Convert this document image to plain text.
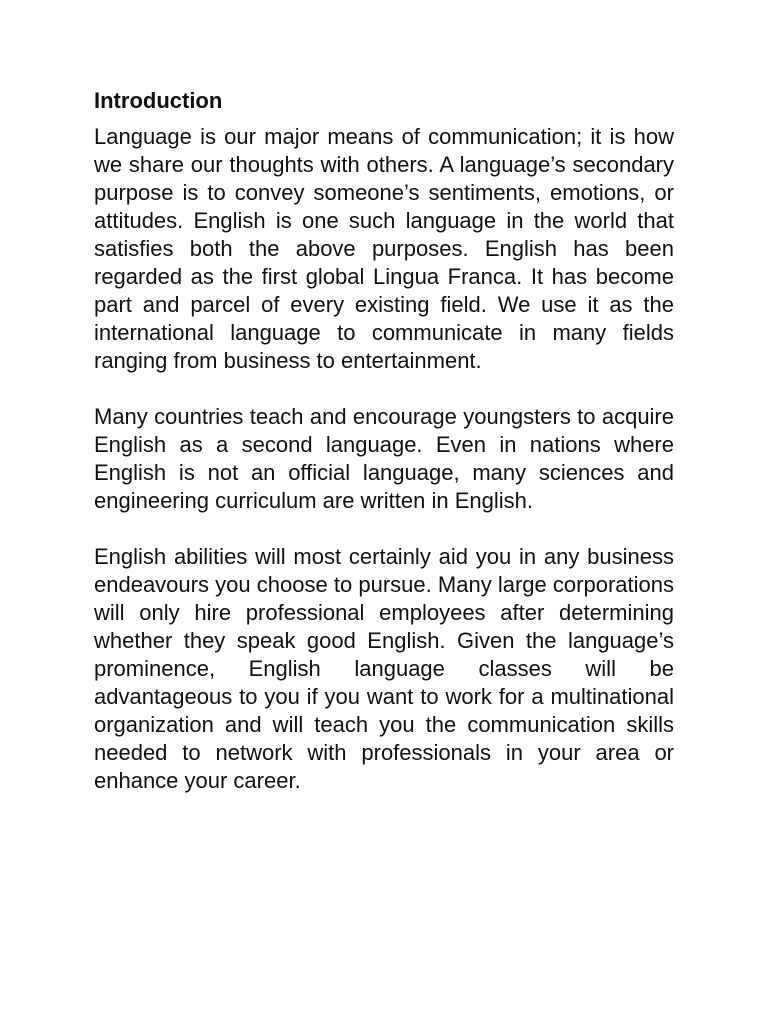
Introduction

Language is our major means of communication; it is how we share our thoughts with others. A language’s secondary purpose is to convey someone’s sentiments, emotions, or attitudes. English is one such language in the world that satisfies both the above purposes. English has been regarded as the first global Lingua Franca. It has become part and parcel of every existing field. We use it as the international language to communicate in many fields ranging from business to entertainment.

Many countries teach and encourage youngsters to acquire English as a second language. Even in nations where English is not an official language, many sciences and engineering curriculum are written in English.

English abilities will most certainly aid you in any business endeavours you choose to pursue. Many large corporations will only hire professional employees after determining whether they speak good English. Given the language’s prominence, English language classes will be advantageous to you if you want to work for a multinational organization and will teach you the communication skills needed to network with professionals in your area or enhance your career.
